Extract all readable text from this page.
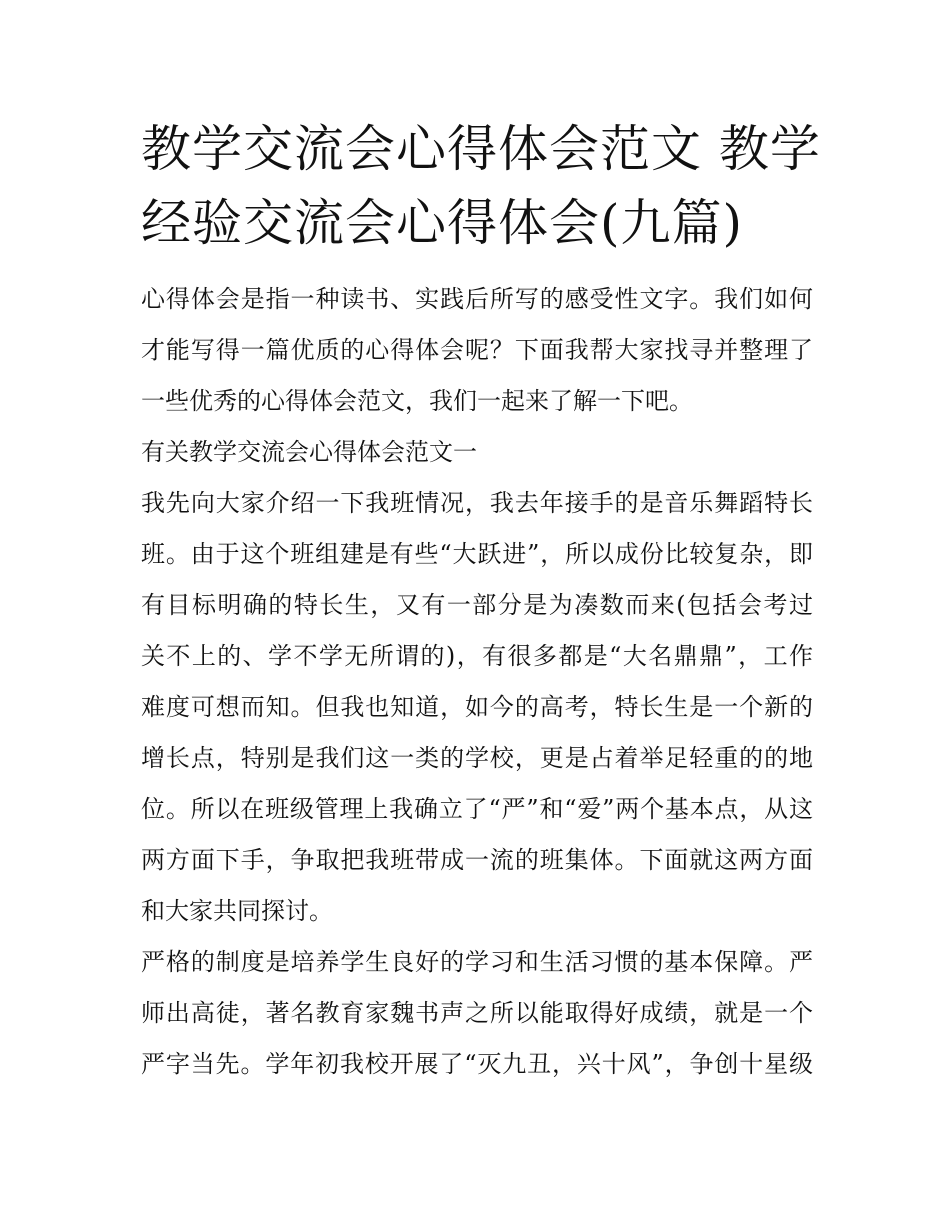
教学交流会心得体会范文 教学
经验交流会心得体会(九篇)

心得体会是指一种读书、实践后所写的感受性文字。我们如何
才能写得一篇优质的心得体会呢？下面我帮大家找寻并整理了
一些优秀的心得体会范文，我们一起来了解一下吧。

有关教学交流会心得体会范文一

我先向大家介绍一下我班情况，我去年接手的是音乐舞蹈特长
班。由于这个班组建是有些“大跃进”，所以成份比较复杂，即
有目标明确的特长生，又有一部分是为凑数而来(包括会考过
关不上的、学不学无所谓的)，有很多都是“大名鼎鼎”，工作
难度可想而知。但我也知道，如今的高考，特长生是一个新的
增长点，特别是我们这一类的学校，更是占着举足轻重的的地
位。所以在班级管理上我确立了“严”和“爱”两个基本点，从这
两方面下手，争取把我班带成一流的班集体。下面就这两方面
和大家共同探讨。

严格的制度是培养学生良好的学习和生活习惯的基本保障。严
师出高徒，著名教育家魏书声之所以能取得好成绩，就是一个
严字当先。学年初我校开展了“灭九丑，兴十风”，争创十星级
